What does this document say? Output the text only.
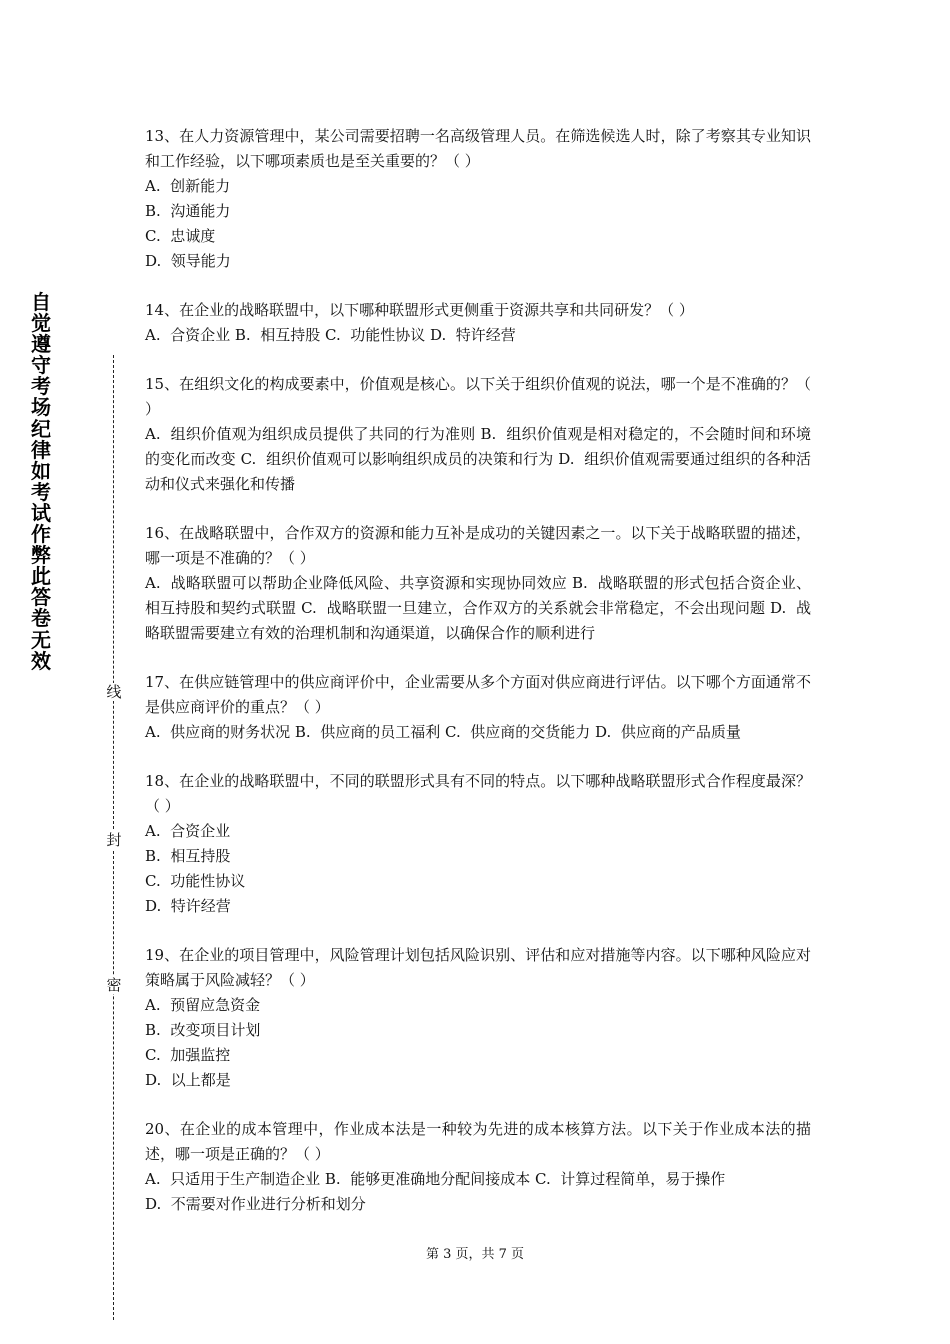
自
觉
遵
守
考
场
纪
律
如
考
试
作
弊
此
答
卷
无
效
线
封
密
13、在人力资源管理中，某公司需要招聘一名高级管理人员。在筛选候选人时，除了考察其专业知识和工作经验，以下哪项素质也是至关重要的？（ ）
A.  创新能力
B.  沟通能力
C.  忠诚度
D.  领导能力
14、在企业的战略联盟中，以下哪种联盟形式更侧重于资源共享和共同研发？（ ）
A.  合资企业 B.  相互持股 C.  功能性协议 D.  特许经营
15、在组织文化的构成要素中，价值观是核心。以下关于组织价值观的说法，哪一个是不准确的？（ ）
A.  组织价值观为组织成员提供了共同的行为准则 B.  组织价值观是相对稳定的，不会随时间和环境的变化而改变 C.  组织价值观可以影响组织成员的决策和行为 D.  组织价值观需要通过组织的各种活动和仪式来强化和传播
16、在战略联盟中，合作双方的资源和能力互补是成功的关键因素之一。以下关于战略联盟的描述，哪一项是不准确的？（ ）
A.  战略联盟可以帮助企业降低风险、共享资源和实现协同效应 B.  战略联盟的形式包括合资企业、相互持股和契约式联盟 C.  战略联盟一旦建立，合作双方的关系就会非常稳定，不会出现问题 D.  战略联盟需要建立有效的治理机制和沟通渠道，以确保合作的顺利进行
17、在供应链管理中的供应商评价中，企业需要从多个方面对供应商进行评估。以下哪个方面通常不是供应商评价的重点？（ ）
A.  供应商的财务状况 B.  供应商的员工福利 C.  供应商的交货能力 D.  供应商的产品质量
18、在企业的战略联盟中，不同的联盟形式具有不同的特点。以下哪种战略联盟形式合作程度最深？（ ）
A.  合资企业
B.  相互持股
C.  功能性协议
D.  特许经营
19、在企业的项目管理中，风险管理计划包括风险识别、评估和应对措施等内容。以下哪种风险应对策略属于风险减轻？（ ）
A.  预留应急资金
B.  改变项目计划
C.  加强监控
D.  以上都是
20、在企业的成本管理中，作业成本法是一种较为先进的成本核算方法。以下关于作业成本法的描述，哪一项是正确的？（ ）
A.  只适用于生产制造企业 B.  能够更准确地分配间接成本 C.  计算过程简单，易于操作
D.  不需要对作业进行分析和划分
第 3 页，共 7 页
